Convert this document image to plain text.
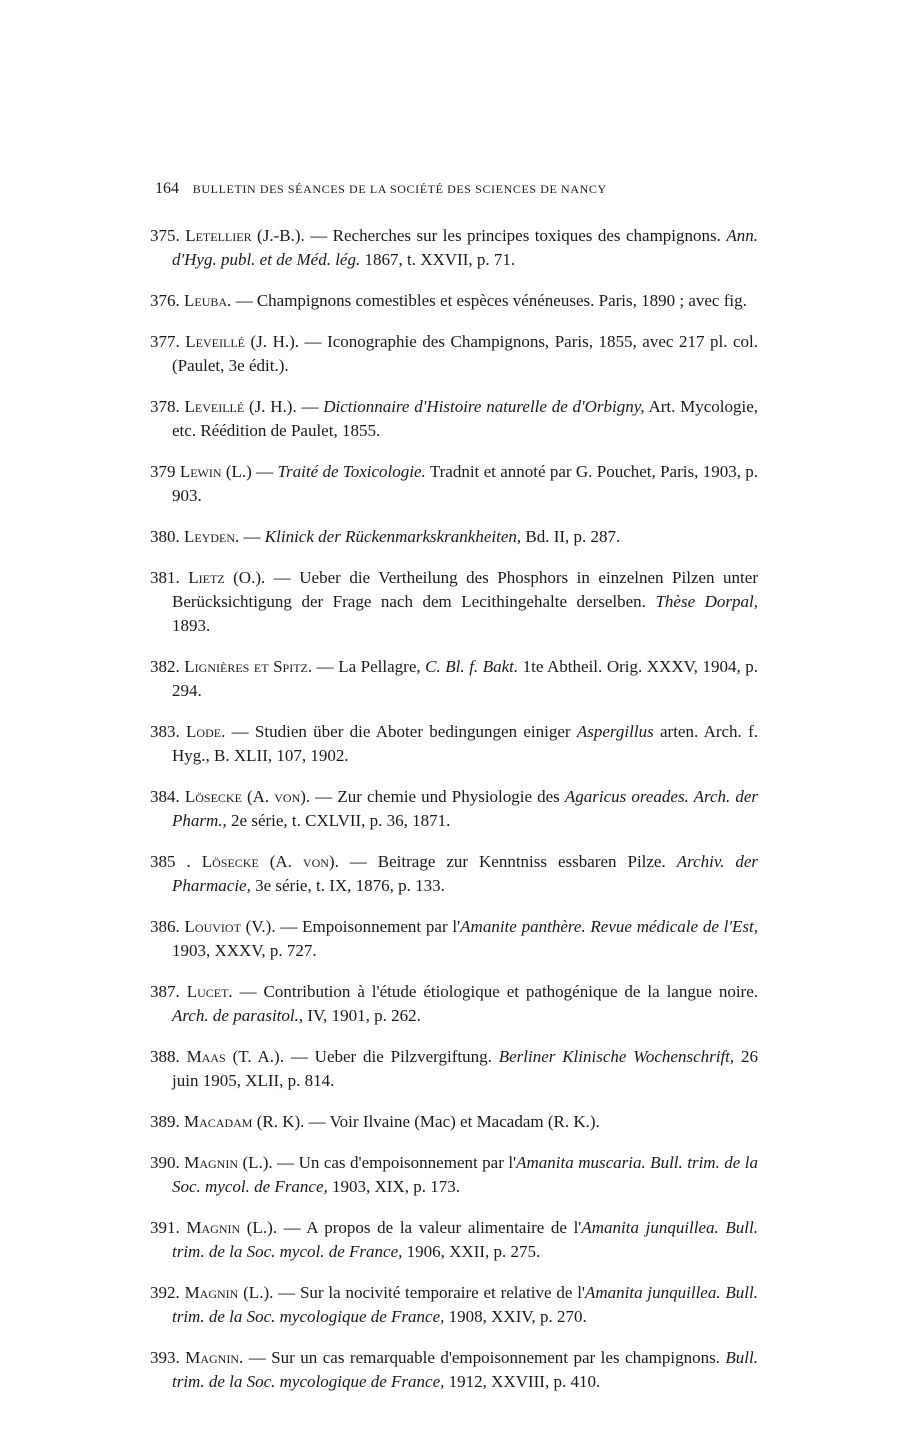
164 BULLETIN DES SÉANCES DE LA SOCIÉTÉ DES SCIENCES DE NANCY

375. Letellier (J.-B.). — Recherches sur les principes toxiques des champignons. Ann. d'Hyg. publ. et de Méd. lég. 1867, t. XXVII, p. 71.

376. Leuba. — Champignons comestibles et espèces vénéneuses. Paris, 1890 ; avec fig.

377. Leveillé (J. H.). — Iconographie des Champignons, Paris, 1855, avec 217 pl. col. (Paulet, 3e édit.).

378. Leveillé (J. H.). — Dictionnaire d'Histoire naturelle de d'Orbigny, Art. Mycologie, etc. Réédition de Paulet, 1855.

379 Lewin (L.) — Traité de Toxicologie. Tradnit et annoté par G. Pouchet, Paris, 1903, p. 903.

380. Leyden. — Klinick der Rückenmarkskrankheiten, Bd. II, p. 287.

381. Lietz (O.). — Ueber die Vertheilung des Phosphors in einzelnen Pilzen unter Berücksichtigung der Frage nach dem Lecithingehalte derselben. Thèse Dorpal, 1893.

382. Lignières et Spitz. — La Pellagre, C. Bl. f. Bakt. 1te Abtheil. Orig. XXXV, 1904, p. 294.

383. Lode. — Studien über die Aboter bedingungen einiger Aspergillus arten. Arch. f. Hyg., B. XLII, 107, 1902.

384. Lösecke (A. von). — Zur chemie und Physiologie des Agaricus oreades. Arch. der Pharm., 2e série, t. CXLVII, p. 36, 1871.

385 . Lösecke (A. von). — Beitrage zur Kenntniss essbaren Pilze. Archiv. der Pharmacie, 3e série, t. IX, 1876, p. 133.

386. Louviot (V.). — Empoisonnement par l'Amanite panthère. Revue médicale de l'Est, 1903, XXXV, p. 727.

387. Lucet. — Contribution à l'étude étiologique et pathogénique de la langue noire. Arch. de parasitol., IV, 1901, p. 262.

388. Maas (T. A.). — Ueber die Pilzvergiftung. Berliner Klinische Wochenschrift, 26 juin 1905, XLII, p. 814.

389. Macadam (R. K). — Voir Ilvaine (Mac) et Macadam (R. K.).

390. Magnin (L.). — Un cas d'empoisonnement par l'Amanita muscaria. Bull. trim. de la Soc. mycol. de France, 1903, XIX, p. 173.

391. Magnin (L.). — A propos de la valeur alimentaire de l'Amanita junquillea. Bull. trim. de la Soc. mycol. de France, 1906, XXII, p. 275.

392. Magnin (L.). — Sur la nocivité temporaire et relative de l'Amanita junquillea. Bull. trim. de la Soc. mycologique de France, 1908, XXIV, p. 270.

393. Magnin. — Sur un cas remarquable d'empoisonnement par les champignons. Bull. trim. de la Soc. mycologique de France, 1912, XXVIII, p. 410.
